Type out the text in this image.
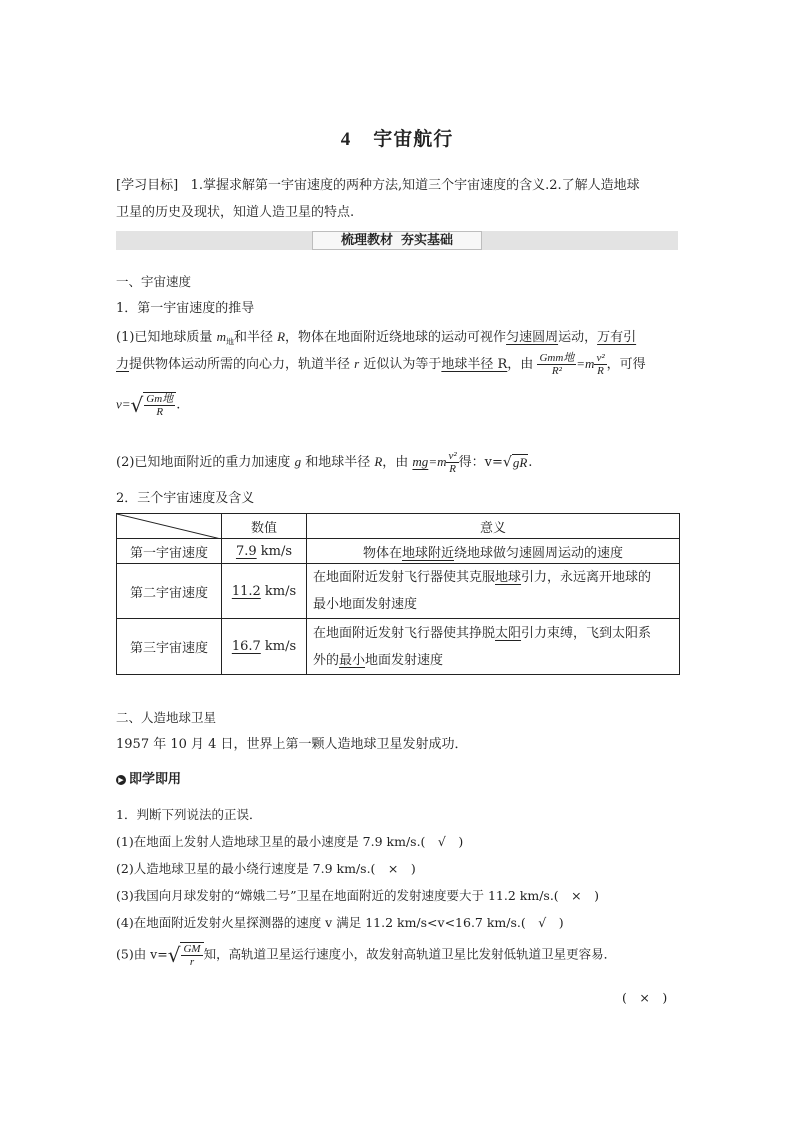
4 宇宙航行
[学习目标] 1.掌握求解第一宇宙速度的两种方法,知道三个宇宙速度的含义.2.了解人造地球
卫星的历史及现状，知道人造卫星的特点.
梳理教材 夯实基础
一、宇宙速度
1．第一宇宙速度的推导
(1)已知地球质量 $m_地$和半径 R，物体在地面附近绕地球的运动可视作匀速圆周运动，万有引
力提供物体运动所需的向心力，轨道半径 r 近似认为等于地球半径 R，由 $\frac{\text{Gmm地}}{\text{R²}} =m \frac{\text{v²}}{R}$ ，可得
$v=√ \frac{\text{Gm地}}{R}$ .
(2)已知地面附近的重力加速度 g 和地球半径 R，由 $mg=m \frac{\text{v²}}{R}$ 得：v=√gR.
2．三个宇宙速度及含义
	数值	意义
第一宇宙速度	7.9 km/s	物体在地球附近绕地球做匀速圆周运动的速度
第二宇宙速度	11.2 km/s	在地面附近发射飞行器使其克服地球引力，永远离开地球的
最小地面发射速度
第三宇宙速度	16.7 km/s	在地面附近发射飞行器使其挣脱太阳引力束缚，飞到太阳系
外的最小地面发射速度
二、人造地球卫星
1957 年 10 月 4 日，世界上第一颗人造地球卫星发射成功．
▶ 即学即用
1．判断下列说法的正误．
(1)在地面上发射人造地球卫星的最小速度是 7.9 km/s.(　√　)
(2)人造地球卫星的最小绕行速度是 7.9 km/s.(　×　)
(3)我国向月球发射的“嫦娥二号”卫星在地面附近的发射速度要大于 11.2 km/s.(　×　)
(4)在地面附近发射火星探测器的速度 v 满足 11.2 km/s<v<16.7 km/s.(　√　)
(5)由 $v=√ \frac{GM}{r}$ 知，高轨道卫星运行速度小，故发射高轨道卫星比发射低轨道卫星更容易．
(　×　)
